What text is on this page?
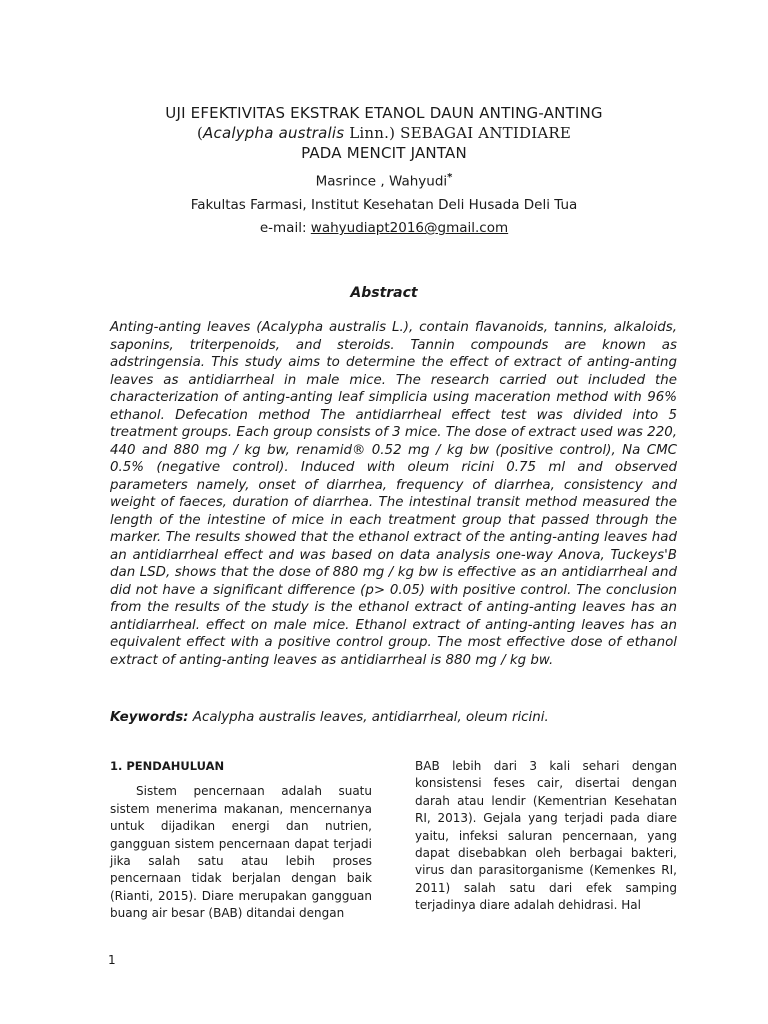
UJI EFEKTIVITAS EKSTRAK ETANOL DAUN ANTING-ANTING
(Acalypha australis Linn.) SEBAGAI ANTIDIARE
PADA MENCIT JANTAN
Masrince , Wahyudi*
Fakultas Farmasi, Institut Kesehatan Deli Husada Deli Tua
e-mail: wahyudiapt2016@gmail.com
Abstract
Anting-anting leaves (Acalypha australis L.), contain flavanoids, tannins, alkaloids, saponins, triterpenoids, and steroids. Tannin compounds are known as adstringensia. This study aims to determine the effect of extract of anting-anting leaves as antidiarrheal in male mice. The research carried out included the characterization of anting-anting leaf simplicia using maceration method with 96% ethanol. Defecation method The antidiarrheal effect test was divided into 5 treatment groups. Each group consists of 3 mice. The dose of extract used was 220, 440 and 880 mg / kg bw, renamid® 0.52 mg / kg bw (positive control), Na CMC 0.5% (negative control). Induced with oleum ricini 0.75 ml and observed parameters namely, onset of diarrhea, frequency of diarrhea, consistency and weight of faeces, duration of diarrhea. The intestinal transit method measured the length of the intestine of mice in each treatment group that passed through the marker. The results showed that the ethanol extract of the anting-anting leaves had an antidiarrheal effect and was based on data analysis one-way Anova, Tuckeys'B dan LSD, shows that the dose of 880 mg / kg bw is effective as an antidiarrheal and did not have a significant difference (p> 0.05) with positive control. The conclusion from the results of the study is the ethanol extract of anting-anting leaves has an antidiarrheal. effect on male mice. Ethanol extract of anting-anting leaves has an equivalent effect with a positive control group. The most effective dose of ethanol extract of anting-anting leaves as antidiarrheal is 880 mg / kg bw.
Keywords: Acalypha australis leaves, antidiarrheal, oleum ricini.
1. PENDAHULUAN

Sistem pencernaan adalah suatu sistem menerima makanan, mencernanya untuk dijadikan energi dan nutrien, gangguan sistem pencernaan dapat terjadi jika salah satu atau lebih proses pencernaan tidak berjalan dengan baik (Rianti, 2015). Diare merupakan gangguan buang air besar (BAB) ditandai dengan

BAB lebih dari 3 kali sehari dengan konsistensi feses cair, disertai dengan darah atau lendir (Kementrian Kesehatan RI, 2013). Gejala yang terjadi pada diare yaitu, infeksi saluran pencernaan, yang dapat disebabkan oleh berbagai bakteri, virus dan parasitorganisme (Kemenkes RI, 2011) salah satu dari efek samping terjadinya diare adalah dehidrasi. Hal

1
